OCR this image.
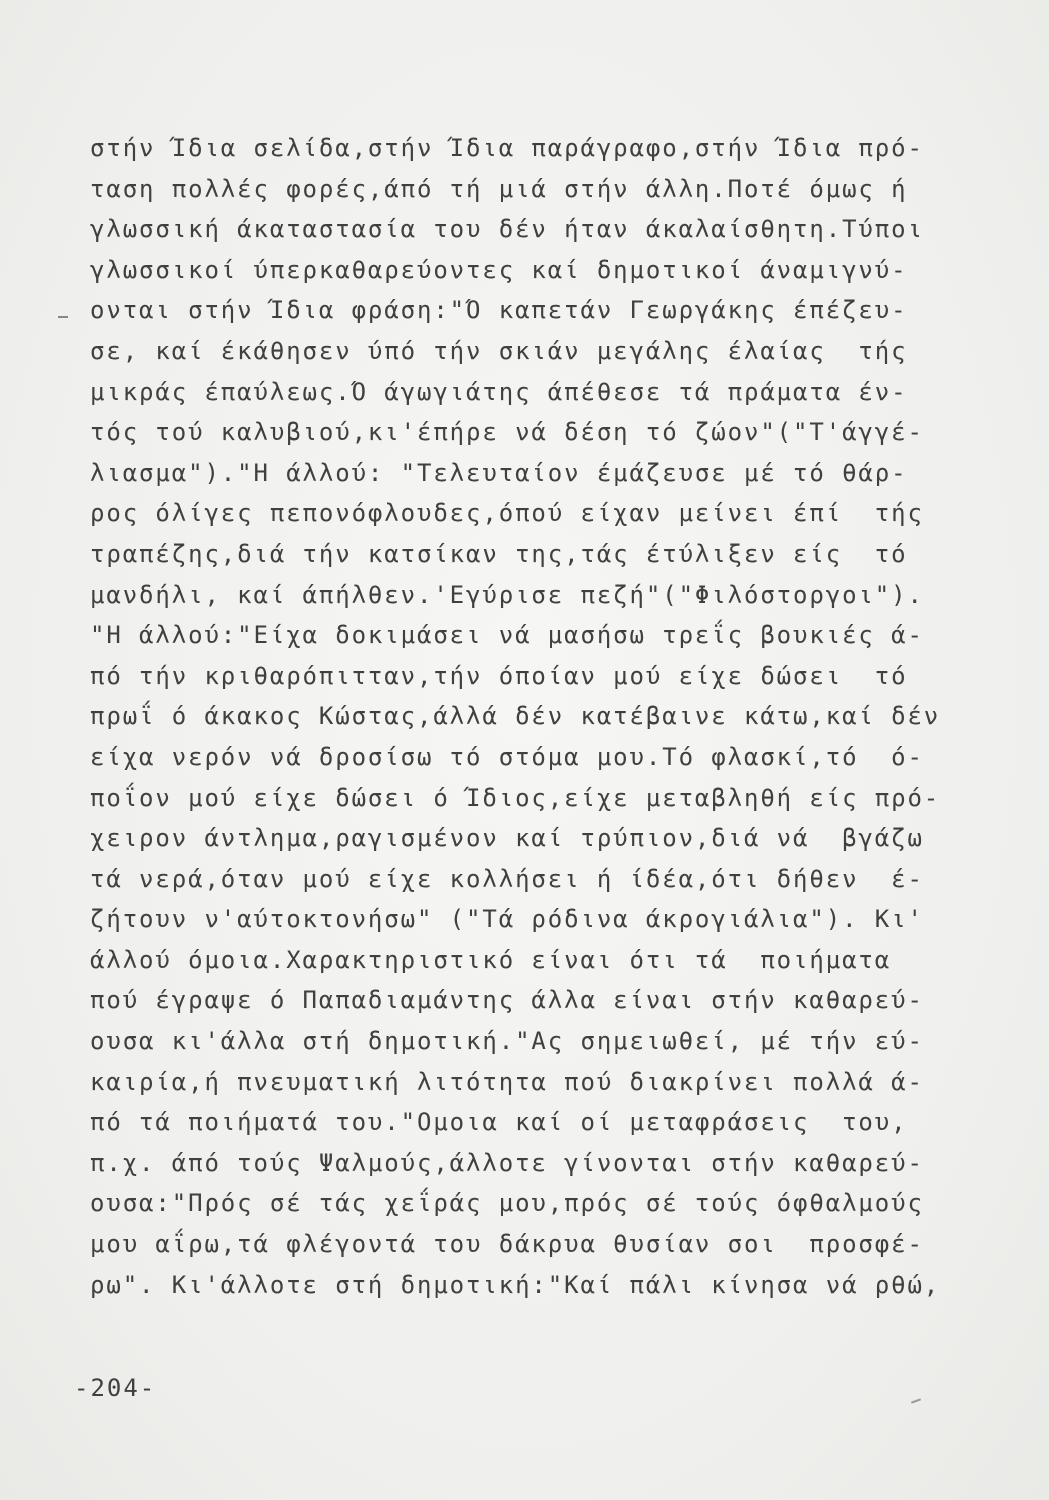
στήν Ίδια σελίδα,στήν Ίδια παράγραφο,στήν Ίδια πρό-
ταση πολλές φορές,άπό τή μιά στήν άλλη.Ποτέ όμως ή
γλωσσική άκαταστασία του δέν ήταν άκαλαίσθητη.Τύποι
γλωσσικοί ύπερκαθαρεύοντες καί δημοτικοί άναμιγνύ-
ονται στήν Ίδια φράση:"Ό καπετάν Γεωργάκης έπέζευ-
σε, καί έκάθησεν ύπό τήν σκιάν μεγάλης έλαίας  τής
μικράς έπαύλεως.Ό άγωγιάτης άπέθεσε τά πράματα έν-
τός τού καλυβιού,κι'έπήρε νά δέση τό ζώον"("Τ'άγγέ-
λιασμα")."Η άλλού: "Τελευταίον έμάζευσε μέ τό θάρ-
ρος όλίγες πεπονόφλουδες,όπού είχαν μείνει έπί  τής
τραπέζης,διά τήν κατσίκαν της,τάς έτύλιξεν είς  τό
μανδήλι, καί άπήλθεν.'Εγύρισε πεζή"("Φιλόστοργοι").
"Η άλλού:"Είχα δοκιμάσει νά μασήσω τρεΐς βουκιές ά-
πό τήν κριθαρόπιτταν,τήν όποίαν μού είχε δώσει  τό
πρωΐ ό άκακος Κώστας,άλλά δέν κατέβαινε κάτω,καί δέν
είχα νερόν νά δροσίσω τό στόμα μου.Τό φλασκί,τό  ό-
ποΐον μού είχε δώσει ό Ίδιος,είχε μεταβληθή είς πρό-
χειρον άντλημα,ραγισμένον καί τρύπιον,διά νά  βγάζω
τά νερά,όταν μού είχε κολλήσει ή ίδέα,ότι δήθεν  έ-
ζήτουν ν'αύτοκτονήσω" ("Τά ρόδινα άκρογιάλια"). Κι'
άλλού όμοια.Χαρακτηριστικό είναι ότι τά  ποιήματα
πού έγραψε ό Παπαδιαμάντης άλλα είναι στήν καθαρεύ-
ουσα κι'άλλα στή δημοτική."Ας σημειωθεί, μέ τήν εύ-
καιρία,ή πνευματική λιτότητα πού διακρίνει πολλά ά-
πό τά ποιήματά του."Ομοια καί οί μεταφράσεις  του,
π.χ. άπό τούς Ψαλμούς,άλλοτε γίνονται στήν καθαρεύ-
ουσα:"Πρός σέ τάς χεΐράς μου,πρός σέ τούς όφθαλμούς
μου αΐρω,τά φλέγοντά του δάκρυα θυσίαν σοι  προσφέ-
ρω". Κι'άλλοτε στή δημοτική:"Καί πάλι κίνησα νά ρθώ,
-204-
